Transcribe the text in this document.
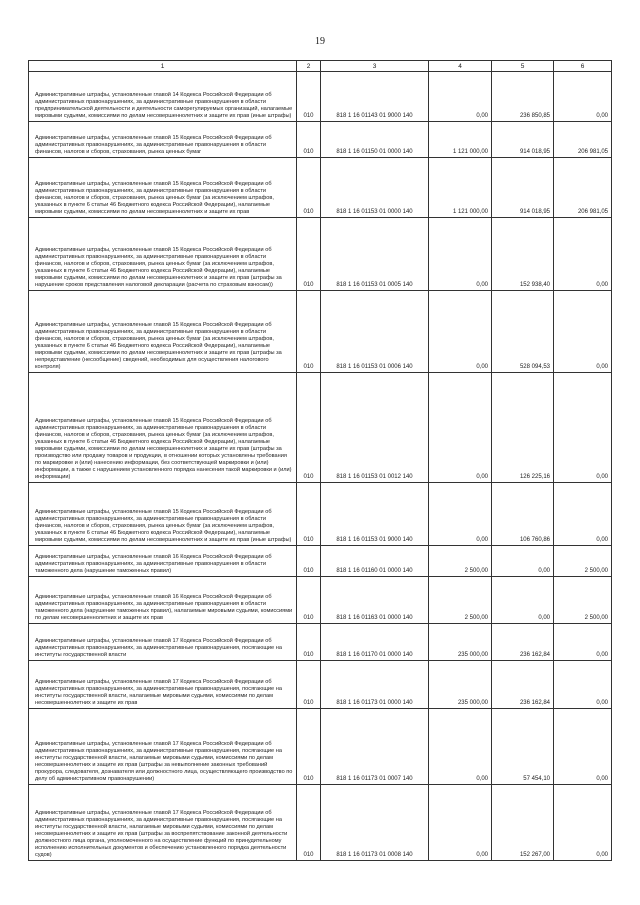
19
1	2	3	4	5	6
Административные штрафы, установленные главой 14 Кодекса Российской Федерации об административных правонарушениях, за административные правонарушения в области предпринимательской деятельности и деятельности саморегулируемых организаций, налагаемые мировыми судьями, комиссиями по делам несовершеннолетних и защите их прав (иные штрафы)	010	818 1 16 01143 01 9000 140	0,00	236 850,85	0,00
Административные штрафы, установленные главой 15 Кодекса Российской Федерации об административных правонарушениях, за административные правонарушения в области финансов, налогов и сборов, страхования, рынка ценных бумаг	010	818 1 16 01150 01 0000 140	1 121 000,00	914 018,95	206 981,05
Административные штрафы, установленные главой 15 Кодекса Российской Федерации об административных правонарушениях, за административные правонарушения в области финансов, налогов и сборов, страхования, рынка ценных бумаг (за исключением штрафов, указанных в пункте 6 статьи 46 Бюджетного кодекса Российской Федерации), налагаемые мировыми судьями, комиссиями по делам несовершеннолетних и защите их прав	010	818 1 16 01153 01 0000 140	1 121 000,00	914 018,95	206 981,05
Административные штрафы, установленные главой 15 Кодекса Российской Федерации об административных правонарушениях, за административные правонарушения в области финансов, налогов и сборов, страхования, рынка ценных бумаг (за исключением штрафов, указанных в пункте 6 статьи 46 Бюджетного кодекса Российской Федерации), налагаемые мировыми судьями, комиссиями по делам несовершеннолетних и защите их прав (штрафы за нарушение сроков представления налоговой декларации (расчета по страховым взносам))	010	818 1 16 01153 01 0005 140	0,00	152 938,40	0,00
Административные штрафы, установленные главой 15 Кодекса Российской Федерации об административных правонарушениях, за административные правонарушения в области финансов, налогов и сборов, страхования, рынка ценных бумаг (за исключением штрафов, указанных в пункте 6 статьи 46 Бюджетного кодекса Российской Федерации), налагаемые мировыми судьями, комиссиями по делам несовершеннолетних и защите их прав (штрафы за непредставление (несообщение) сведений, необходимых для осуществления налогового контроля)	010	818 1 16 01153 01 0006 140	0,00	528 094,53	0,00
Административные штрафы, установленные главой 15 Кодекса Российской Федерации об административных правонарушениях, за административные правонарушения в области финансов, налогов и сборов, страхования, рынка ценных бумаг (за исключением штрафов, указанных в пункте 6 статьи 46 Бюджетного кодекса Российской Федерации), налагаемые мировыми судьями, комиссиями по делам несовершеннолетних и защите их прав (штрафы за производство или продажу товаров и продукции, в отношении которых установлены требования по маркировке и (или) нанесению информации, без соответствующей маркировки и (или) информации, а также с нарушением установленного порядка нанесения такой маркировки и (или) информации)	010	818 1 16 01153 01 0012 140	0,00	126 225,16	0,00
Административные штрафы, установленные главой 15 Кодекса Российской Федерации об административных правонарушениях, за административные правонарушения в области финансов, налогов и сборов, страхования, рынка ценных бумаг (за исключением штрафов, указанных в пункте 6 статьи 46 Бюджетного кодекса Российской Федерации), налагаемые мировыми судьями, комиссиями по делам несовершеннолетних и защите их прав (иные штрафы)	010	818 1 16 01153 01 9000 140	0,00	106 760,86	0,00
Административные штрафы, установленные главой 16 Кодекса Российской Федерации об административных правонарушениях, за административные правонарушения в области таможенного дела (нарушение таможенных правил)	010	818 1 16 01160 01 0000 140	2 500,00	0,00	2 500,00
Административные штрафы, установленные главой 16 Кодекса Российской Федерации об административных правонарушениях, за административные правонарушения в области таможенного дела (нарушение таможенных правил), налагаемые мировыми судьями, комиссиями по делам несовершеннолетних и защите их прав	010	818 1 16 01163 01 0000 140	2 500,00	0,00	2 500,00
Административные штрафы, установленные главой 17 Кодекса Российской Федерации об административных правонарушениях, за административные правонарушения, посягающие на институты государственной власти	010	818 1 16 01170 01 0000 140	235 000,00	236 162,84	0,00
Административные штрафы, установленные главой 17 Кодекса Российской Федерации об административных правонарушениях, за административные правонарушения, посягающие на институты государственной власти, налагаемые мировыми судьями, комиссиями по делам несовершеннолетних и защите их прав	010	818 1 16 01173 01 0000 140	235 000,00	236 162,84	0,00
Административные штрафы, установленные главой 17 Кодекса Российской Федерации об административных правонарушениях, за административные правонарушения, посягающие на институты государственной власти, налагаемые мировыми судьями, комиссиями по делам несовершеннолетних и защите их прав (штрафы за невыполнение законных требований прокурора, следователя, дознавателя или должностного лица, осуществляющего производство по делу об административном правонарушении)	010	818 1 16 01173 01 0007 140	0,00	57 454,10	0,00
Административные штрафы, установленные главой 17 Кодекса Российской Федерации об административных правонарушениях, за административные правонарушения, посягающие на институты государственной власти, налагаемые мировыми судьями, комиссиями по делам несовершеннолетних и защите их прав (штрафы за воспрепятствование законной деятельности должностного лица органа, уполномоченного на осуществление функций по принудительному исполнению исполнительных документов и обеспечению установленного порядка деятельности судов)	010	818 1 16 01173 01 0008 140	0,00	152 267,00	0,00
